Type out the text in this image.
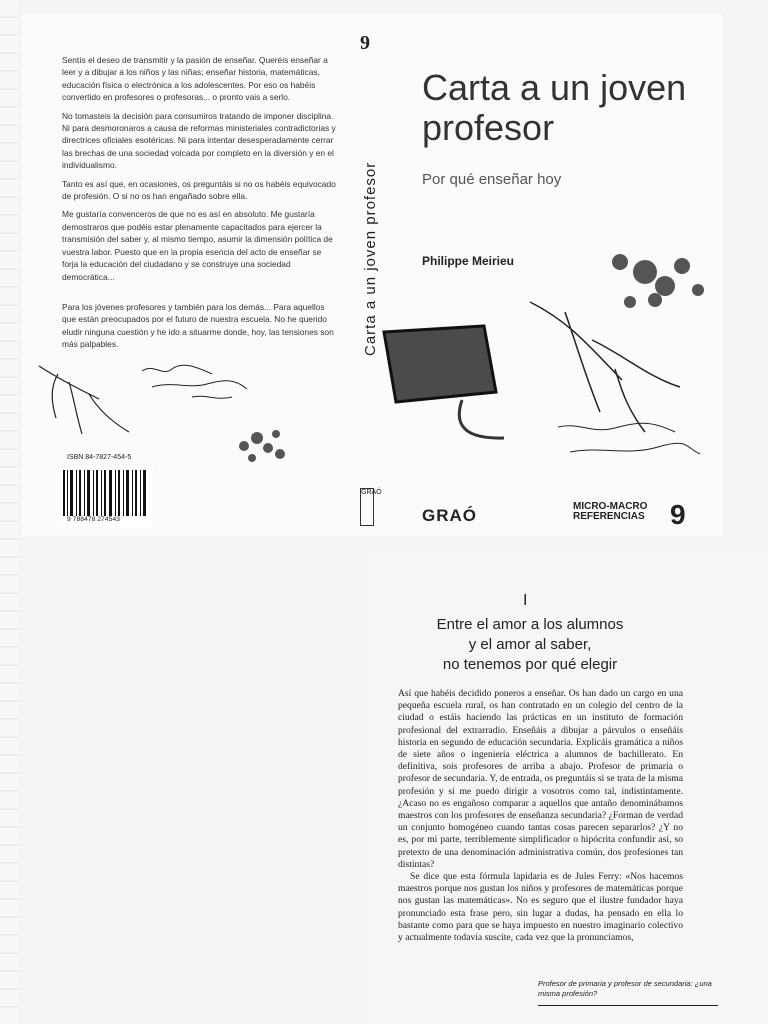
Sentís el deseo de transmitir y la pasión de enseñar. Queréis enseñar a leer y a dibujar a los niños y las niñas; enseñar historia, matemáticas, educación física o electrónica a los adolescentes. Por eso os habéis convertido en profesores o profesoras... o pronto vais a serlo.

No tomasteis la decisión para consumiros tratando de imponer disciplina. Ni para desmoronaros a causa de reformas ministeriales contradictorias y directrices oficiales esotéricas. Ni para intentar desesperadamente cerrar las brechas de una sociedad volcada por completo en la diversión y en el individualismo.

Tanto es así que, en ocasiones, os preguntáis si no os habéis equivocado de profesión. O si no os han engañado sobre ella.

Me gustaría convenceros de que no es así en absoluto. Me gustaría demostraros que podéis estar plenamente capacitados para ejercer la transmisión del saber y, al mismo tiempo, asumir la dimensión política de vuestra labor. Puesto que en la propia esencia del acto de enseñar se forja la educación del ciudadano y se construye una sociedad democrática...

Para los jóvenes profesores y también para los demás... Para aquellos que están preocupados por el futuro de nuestra escuela. No he querido eludir ninguna cuestión y he ido a situarme donde, hoy, las tensiones son más palpables.

ISBN 84-7827-454-5
9 788478 274543
9
Carta a un joven profesor
GRAÓ
Carta a un joven
profesor
Por qué enseñar hoy
Philippe Meirieu
GRAÓ	MICRO-MACRO
REFERENCIAS 9
I
Entre el amor a los alumnos
y el amor al saber,
no tenemos por qué elegir

Así que habéis decidido poneros a enseñar. Os han dado un cargo en una pequeña escuela rural, os han contratado en un colegio del centro de la ciudad o estáis haciendo las prácticas en un instituto de formación profesional del extrarradio. Enseñáis a dibujar a párvulos o enseñáis historia en segundo de educación secundaria. Explicáis gramática a niños de siete años o ingeniería eléctrica a alumnos de bachillerato. En definitiva, sois profesores de arriba a abajo. Profesor de primaria o profesor de secundaria. Y, de entrada, os preguntáis si se trata de la misma profesión y si me puedo dirigir a vosotros como tal, indistintamente. ¿Acaso no es engañoso comparar a aquellos que antaño denominábamos maestros con los profesores de enseñanza secundaria? ¿Forman de verdad un conjunto homogéneo cuando tantas cosas parecen separarlos? ¿Y no es, por mi parte, terriblemente simplificador o hipócrita confundir así, so pretexto de una denominación administrativa común, dos profesiones tan distintas?

Se dice que esta fórmula lapidaria es de Jules Ferry: «Nos hacemos maestros porque nos gustan los niños y profesores de matemáticas porque nos gustan las matemáticas». No es seguro que el ilustre fundador haya pronunciado esta frase pero, sin lugar a dudas, ha pensado en ella lo bastante como para que se haya impuesto en nuestro imaginario colectivo y actualmente todavía suscite, cada vez que la pronunciamos,

Profesor de primaria y profesor de secundaria: ¿una misma profesión?
